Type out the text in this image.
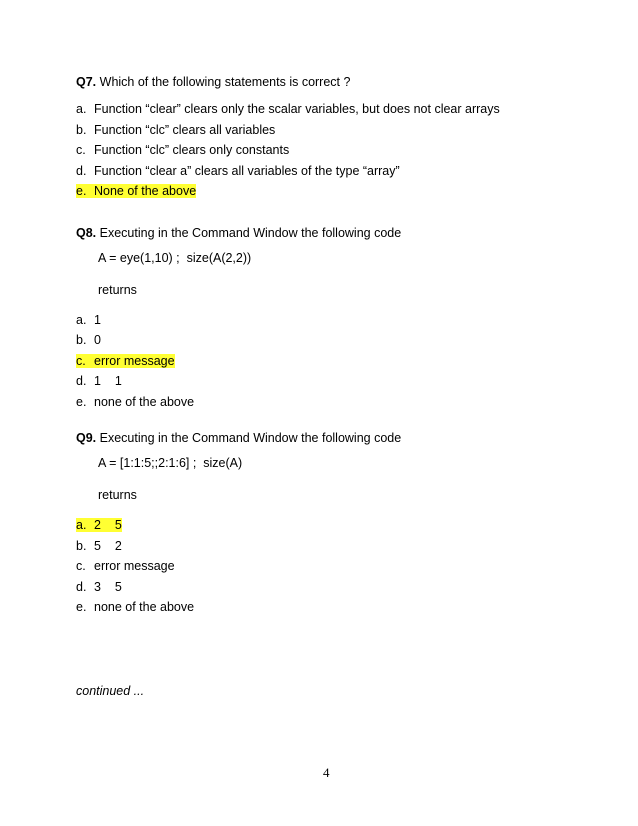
Q7. Which of the following statements is correct ?
a. Function “clear” clears only the scalar variables, but does not clear arrays
b. Function “clc” clears all variables
c. Function “clc” clears only constants
d. Function “clear a” clears all variables of the type “array”
e. None of the above
Q8. Executing in the Command Window the following code
A = eye(1,10) ;  size(A(2,2))
returns
a. 1
b. 0
c. error message
d. 1    1
e. none of the above
Q9. Executing in the Command Window the following code
A = [1:1:5;;2:1:6] ;  size(A)
returns
a. 2    5
b. 5    2
c. error message
d. 3    5
e. none of the above
continued ...
4
